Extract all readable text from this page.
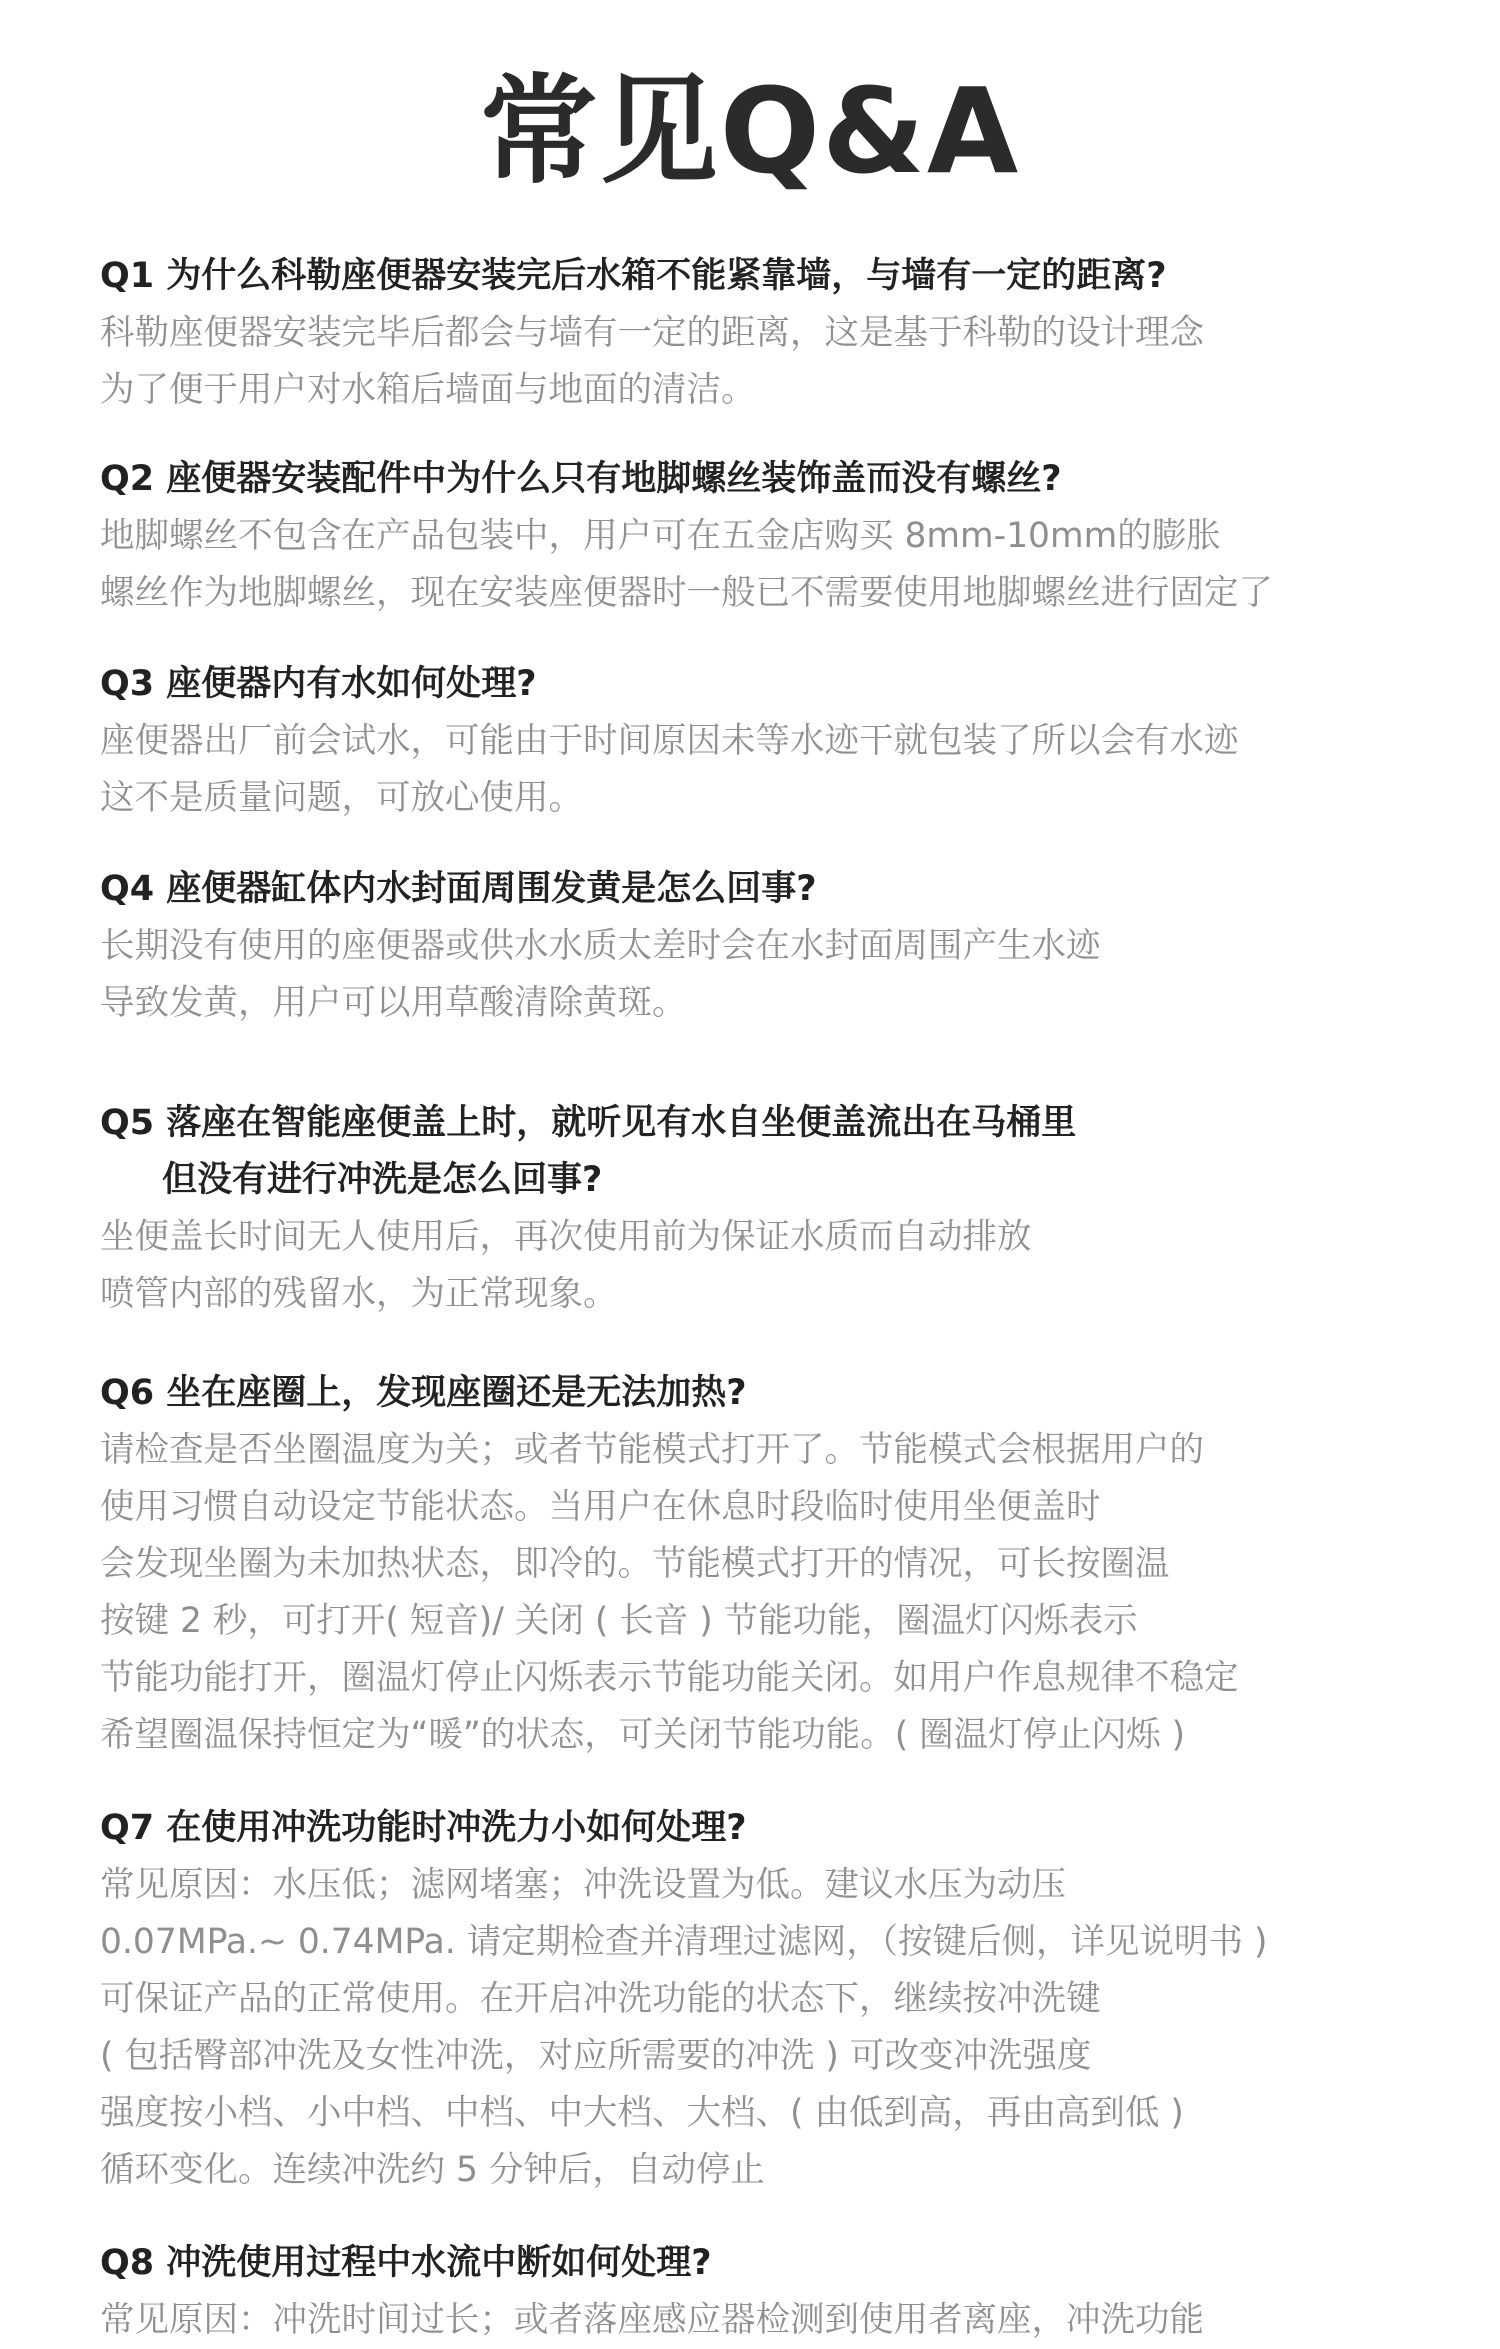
常见Q&A

Q1 为什么科勒座便器安装完后水箱不能紧靠墙，与墙有一定的距离?

科勒座便器安装完毕后都会与墙有一定的距离，这是基于科勒的设计理念

为了便于用户对水箱后墙面与地面的清洁。

Q2 座便器安装配件中为什么只有地脚螺丝装饰盖而没有螺丝?

地脚螺丝不包含在产品包装中，用户可在五金店购买 8mm-10mm的膨胀

螺丝作为地脚螺丝，现在安装座便器时一般已不需要使用地脚螺丝进行固定了

Q3 座便器内有水如何处理?

座便器出厂前会试水，可能由于时间原因未等水迹干就包装了所以会有水迹

这不是质量问题，可放心使用。

Q4 座便器缸体内水封面周围发黄是怎么回事?

长期没有使用的座便器或供水水质太差时会在水封面周围产生水迹

导致发黄，用户可以用草酸清除黄斑。

Q5 落座在智能座便盖上时，就听见有水自坐便盖流出在马桶里

但没有进行冲洗是怎么回事?

坐便盖长时间无人使用后，再次使用前为保证水质而自动排放

喷管内部的残留水，为正常现象。

Q6 坐在座圈上，发现座圈还是无法加热?

请检查是否坐圈温度为关；或者节能模式打开了。节能模式会根据用户的

使用习惯自动设定节能状态。当用户在休息时段临时使用坐便盖时

会发现坐圈为未加热状态，即冷的。节能模式打开的情况，可长按圈温

按键 2 秒，可打开( 短音)/ 关闭 ( 长音 ) 节能功能，圈温灯闪烁表示

节能功能打开，圈温灯停止闪烁表示节能功能关闭。如用户作息规律不稳定

希望圈温保持恒定为“暖”的状态，可关闭节能功能。( 圈温灯停止闪烁 )

Q7 在使用冲洗功能时冲洗力小如何处理?

常见原因：水压低；滤网堵塞；冲洗设置为低。建议水压为动压

0.07MPa.~ 0.74MPa. 请定期检查并清理过滤网，（按键后侧，详见说明书 )

可保证产品的正常使用。在开启冲洗功能的状态下，继续按冲洗键

( 包括臀部冲洗及女性冲洗，对应所需要的冲洗 ) 可改变冲洗强度

强度按小档、小中档、中档、中大档、大档、( 由低到高，再由高到低 )

循环变化。连续冲洗约 5 分钟后，自动停止

Q8 冲洗使用过程中水流中断如何处理?

常见原因：冲洗时间过长；或者落座感应器检测到使用者离座，冲洗功能
